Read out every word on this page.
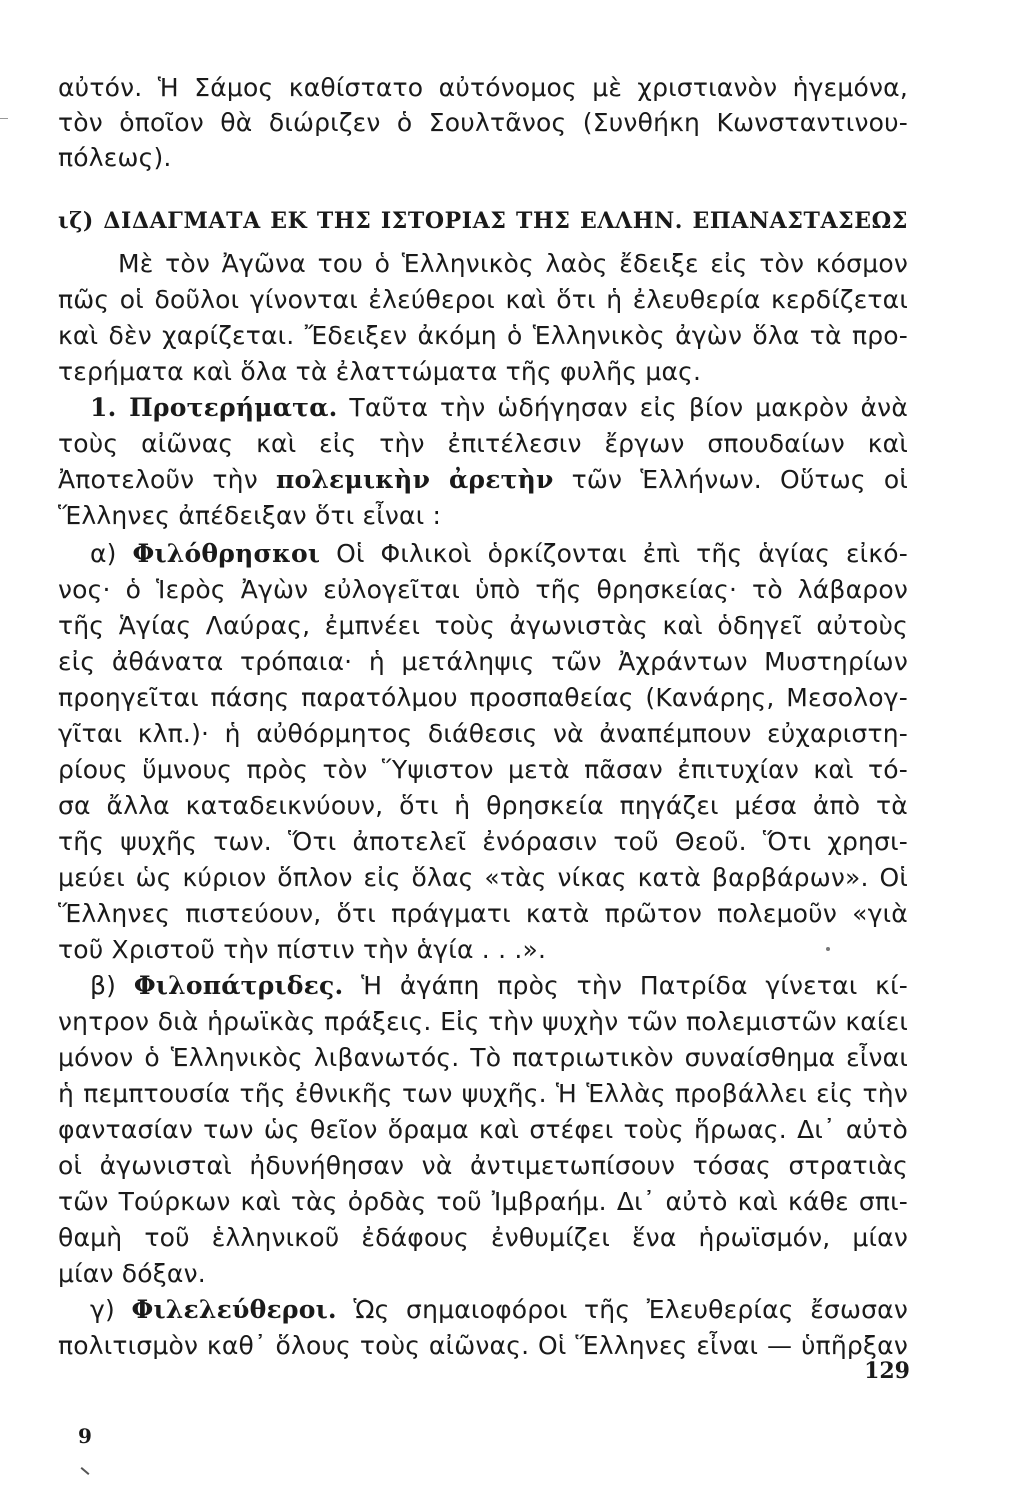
αὐτόν. Ἡ Σάμος καθίστατο αὐτόνομος μὲ χριστιανὸν ἡγεμόνα,
τὸν ὁποῖον θὰ διώριζεν ὁ Σουλτᾶνος (Συνθήκη Κωνσταντινου-
πόλεως).
ιζ) ΔΙΔΑΓΜΑΤΑ ΕΚ ΤΗΣ ΙΣΤΟΡΙΑΣ ΤΗΣ ΕΛΛΗΝ. ΕΠΑΝΑΣΤΑΣΕΩΣ
Μὲ τὸν Ἀγῶνα του ὁ Ἑλληνικὸς λαὸς ἔδειξε εἰς τὸν κόσμον
πῶς οἱ δοῦλοι γίνονται ἐλεύθεροι καὶ ὅτι ἡ ἐλευθερία κερδίζεται
καὶ δὲν χαρίζεται. Ἔδειξεν ἀκόμη ὁ Ἑλληνικὸς ἀγὼν ὅλα τὰ προ-
τερήματα καὶ ὅλα τὰ ἐλαττώματα τῆς φυλῆς μας.
1. Προτερήματα. Ταῦτα τὴν ὡδήγησαν εἰς βίον μακρὸν ἀνὰ
τοὺς αἰῶνας καὶ εἰς τὴν ἐπιτέλεσιν ἔργων σπουδαίων καὶ
Ἀποτελοῦν τὴν πολεμικὴν ἀρετὴν τῶν Ἑλλήνων. Οὕτως οἱ
Ἕλληνες ἀπέδειξαν ὅτι εἶναι :
α) Φιλόθρησκοι Οἱ Φιλικοὶ ὁρκίζονται ἐπὶ τῆς ἁγίας εἰκό-
νος· ὁ Ἱερὸς Ἀγὼν εὐλογεῖται ὑπὸ τῆς θρησκείας· τὸ λάβαρον
τῆς Ἁγίας Λαύρας, ἐμπνέει τοὺς ἀγωνιστὰς καὶ ὁδηγεῖ αὐτοὺς
εἰς ἀθάνατα τρόπαια· ἡ μετάληψις τῶν Ἀχράντων Μυστηρίων
προηγεῖται πάσης παρατόλμου προσπαθείας (Κανάρης, Μεσολογ-
γῖται κλπ.)· ἡ αὐθόρμητος διάθεσις νὰ ἀναπέμπουν εὐχαριστη-
ρίους ὕμνους πρὸς τὸν Ὕψιστον μετὰ πᾶσαν ἐπιτυχίαν καὶ τό-
σα ἄλλα καταδεικνύουν, ὅτι ἡ θρησκεία πηγάζει μέσα ἀπὸ τὰ
τῆς ψυχῆς των. Ὅτι ἀποτελεῖ ἐνόρασιν τοῦ Θεοῦ. Ὅτι χρησι-
μεύει ὡς κύριον ὅπλον εἰς ὅλας «τὰς νίκας κατὰ βαρβάρων». Οἱ
Ἕλληνες πιστεύουν, ὅτι πράγματι κατὰ πρῶτον πολεμοῦν «γιὰ
τοῦ Χριστοῦ τὴν πίστιν τὴν ἁγία . . .».
β) Φιλοπάτριδες. Ἡ ἀγάπη πρὸς τὴν Πατρίδα γίνεται κί-
νητρον διὰ ἡρωϊκὰς πράξεις. Εἰς τὴν ψυχὴν τῶν πολεμιστῶν καίει
μόνον ὁ Ἑλληνικὸς λιβανωτός. Τὸ πατριωτικὸν συναίσθημα εἶναι
ἡ πεμπτουσία τῆς ἐθνικῆς των ψυχῆς. Ἡ Ἑλλὰς προβάλλει εἰς τὴν
φαντασίαν των ὡς θεῖον ὅραμα καὶ στέφει τοὺς ἥρωας. Δι᾽ αὐτὸ
οἱ ἀγωνισταὶ ἠδυνήθησαν νὰ ἀντιμετωπίσουν τόσας στρατιὰς
τῶν Τούρκων καὶ τὰς ὀρδὰς τοῦ Ἰμβραήμ. Δι᾽ αὐτὸ καὶ κάθε σπι-
θαμὴ τοῦ ἑλληνικοῦ ἐδάφους ἐνθυμίζει ἕνα ἡρωϊσμόν, μίαν
μίαν δόξαν.
γ) Φιλελεύθεροι. Ὡς σημαιοφόροι τῆς Ἐλευθερίας ἔσωσαν
πολιτισμὸν καθ᾽ ὅλους τοὺς αἰῶνας. Οἱ Ἕλληνες εἶναι — ὑπῆρξαν
129
9
